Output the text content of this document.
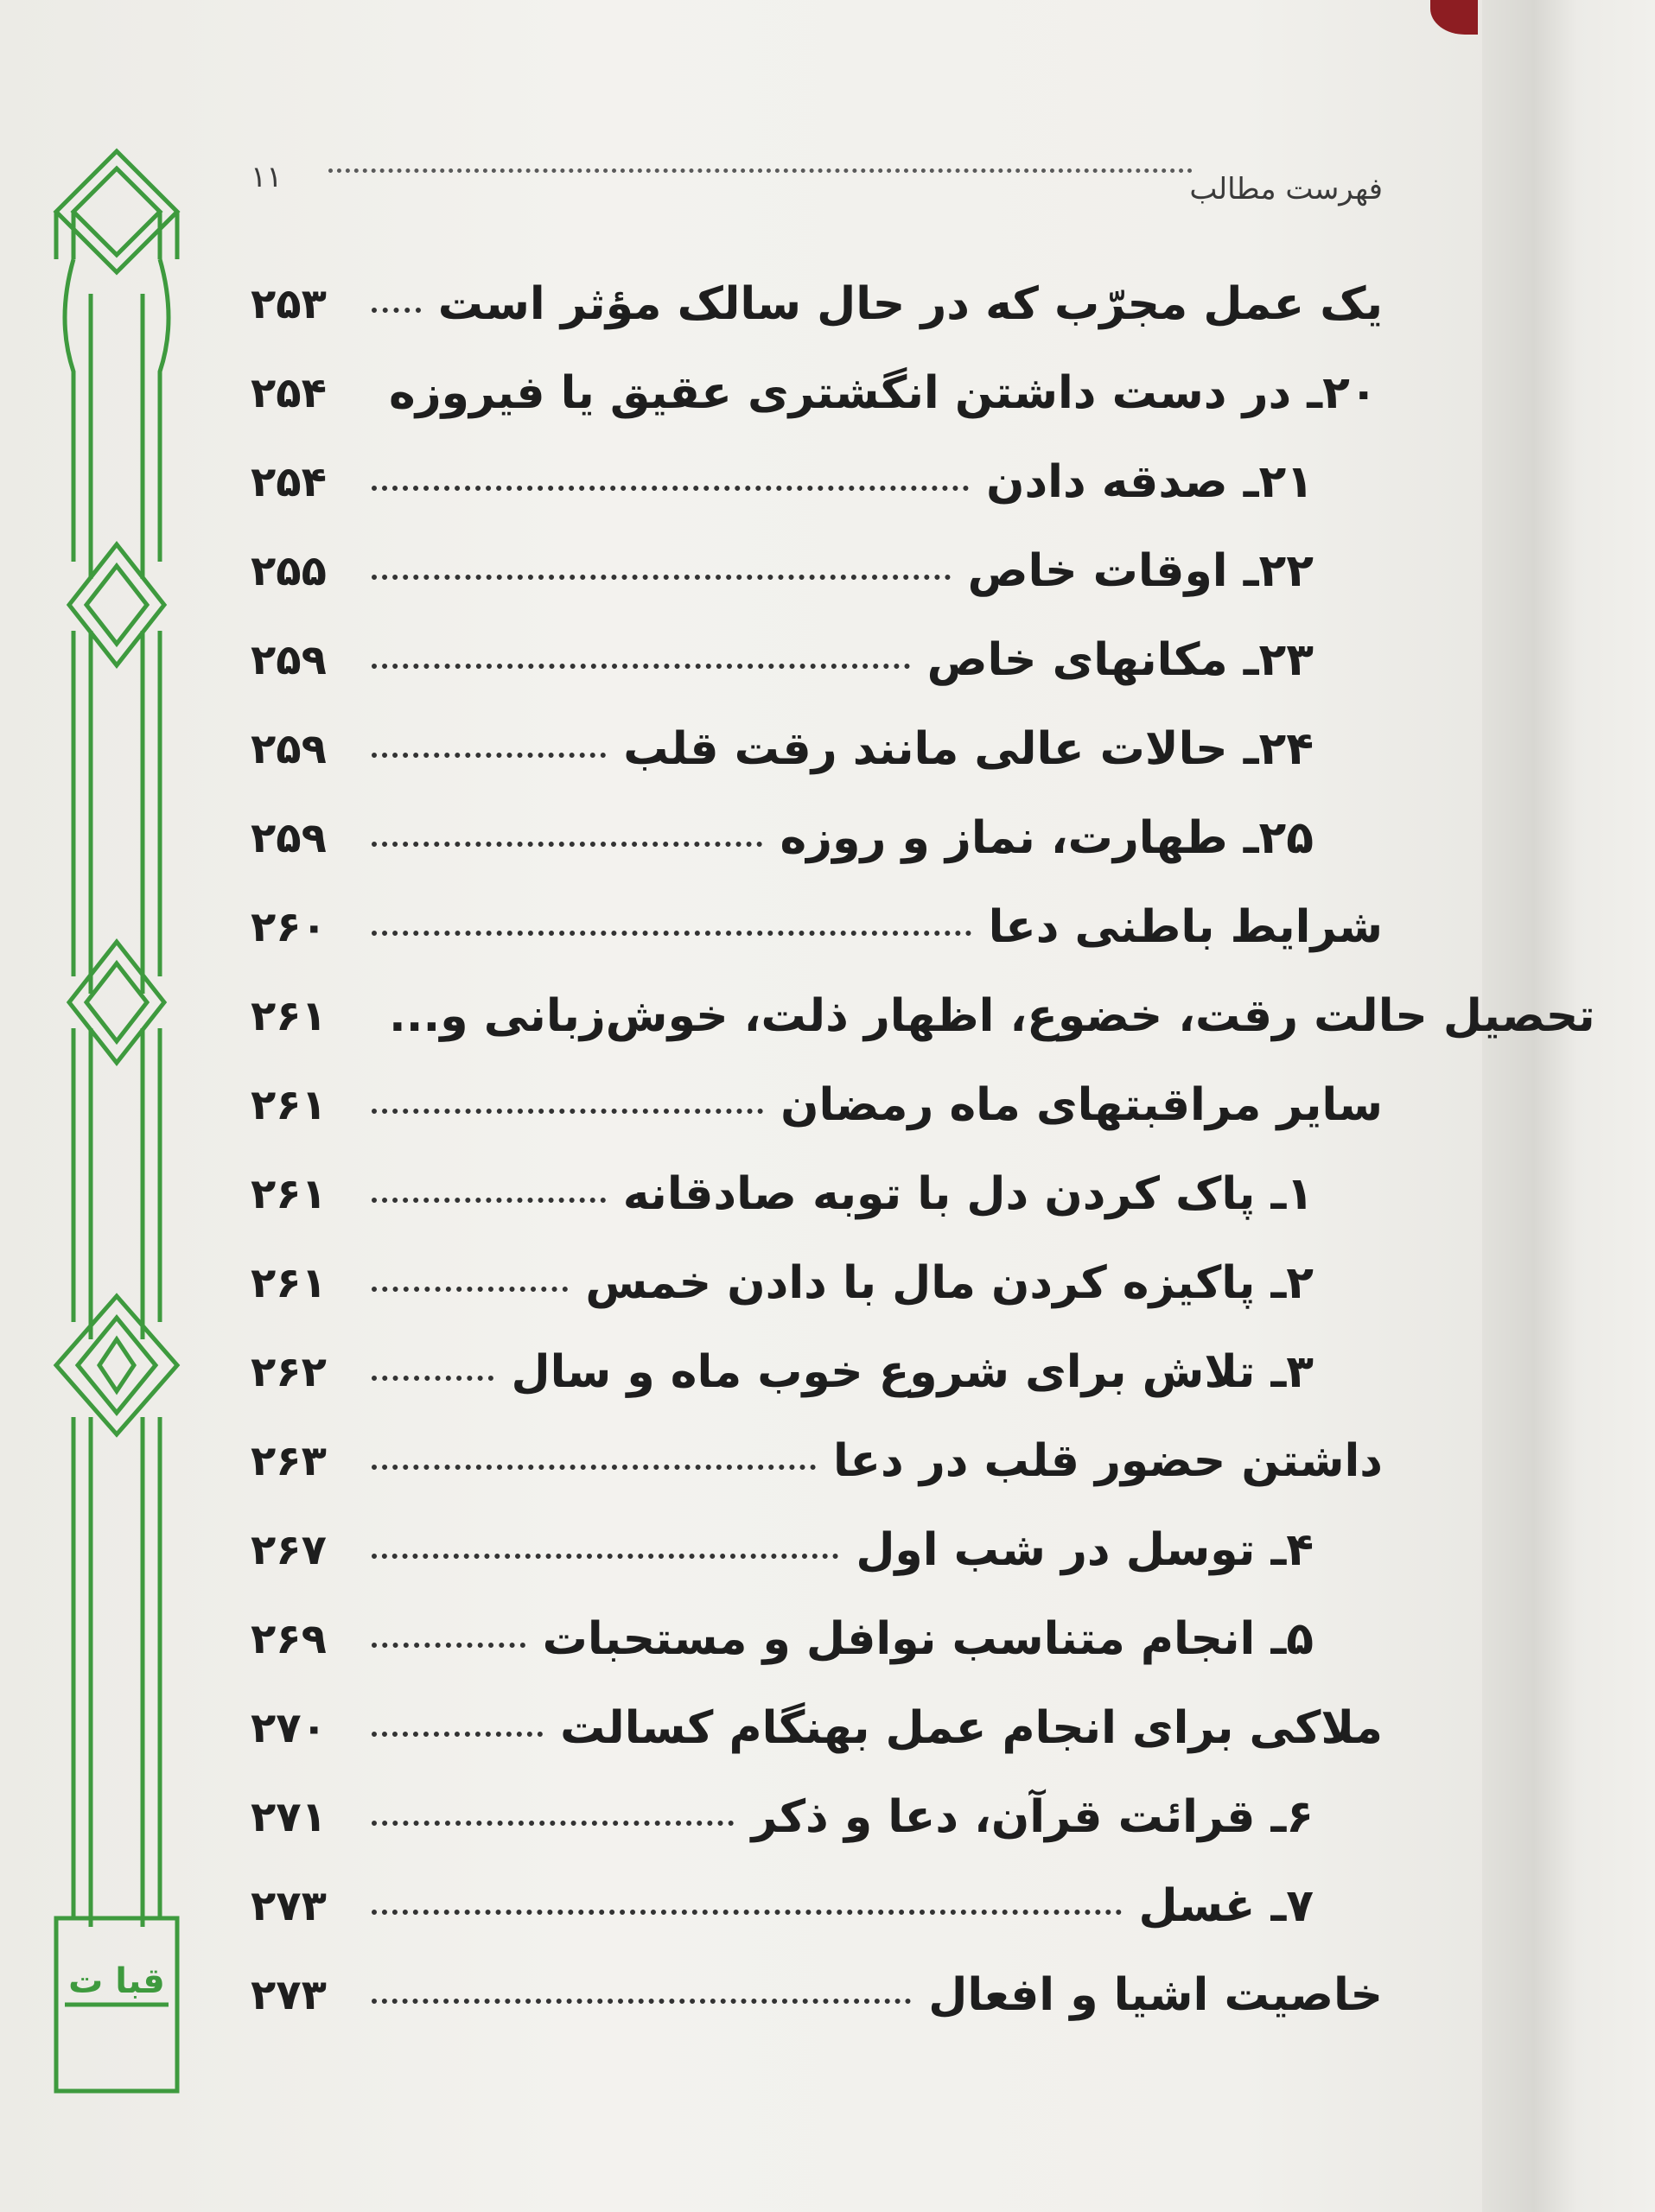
قبا ت
۱۱	فهرست مطالب
۲۵۳	یک عمل مجرّب که در حال سالک مؤثر است
۲۵۴	۲۰ـ در دست داشتن انگشتری عقیق یا فیروزه
۲۵۴	۲۱ـ صدقه دادن
۲۵۵	۲۲ـ اوقات خاص
۲۵۹	۲۳ـ مکانهای خاص
۲۵۹	۲۴ـ حالات عالی مانند رقت قلب
۲۵۹	۲۵ـ طهارت، نماز و روزه
۲۶۰	شرایط باطنی دعا
۲۶۱	تحصیل حالت رقت، خضوع، اظهار ذلت، خوش‌زبانی و...
۲۶۱	سایر مراقبتهای ماه رمضان
۲۶۱	۱ـ پاک کردن دل با توبه صادقانه
۲۶۱	۲ـ پاکیزه کردن مال با دادن خمس
۲۶۲	۳ـ تلاش برای شروع خوب ماه و سال
۲۶۳	داشتن حضور قلب در دعا
۲۶۷	۴ـ توسل در شب اول
۲۶۹	۵ـ انجام متناسب نوافل و مستحبات
۲۷۰	ملاکی برای انجام عمل بهنگام کسالت
۲۷۱	۶ـ قرائت قرآن، دعا و ذکر
۲۷۳	۷ـ غسل
۲۷۳	خاصیت اشیا و افعال
